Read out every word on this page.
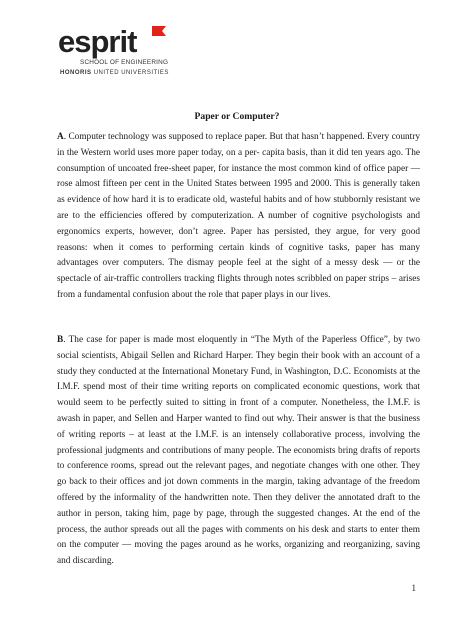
esprit
SCHOOL OF ENGINEERING
HONORIS UNITED UNIVERSITIES
Paper or Computer?
A. Computer technology was supposed to replace paper. But that hasn’t happened. Every country
in the Western world uses more paper today, on a per- capita basis, than it did ten years ago. The
consumption of uncoated free-sheet paper, for instance the most common kind of office paper —
rose almost fifteen per cent in the United States between 1995 and 2000. This is generally taken
as evidence of how hard it is to eradicate old, wasteful habits and of how stubbornly resistant we
are to the efficiencies offered by computerization. A number of cognitive psychologists and
ergonomics experts, however, don’t agree. Paper has persisted, they argue, for very good
reasons: when it comes to performing certain kinds of cognitive tasks, paper has many
advantages over computers. The dismay people feel at the sight of a messy desk — or the
spectacle of air-traffic controllers tracking flights through notes scribbled on paper strips – arises
from a fundamental confusion about the role that paper plays in our lives.
B. The case for paper is made most eloquently in “The Myth of the Paperless Office”, by two
social scientists, Abigail Sellen and Richard Harper. They begin their book with an account of a
study they conducted at the International Monetary Fund, in Washington, D.C. Economists at the
I.M.F. spend most of their time writing reports on complicated economic questions, work that
would seem to be perfectly suited to sitting in front of a computer. Nonetheless, the I.M.F. is
awash in paper, and Sellen and Harper wanted to find out why. Their answer is that the business
of writing reports – at least at the I.M.F. is an intensely collaborative process, involving the
professional judgments and contributions of many people. The economists bring drafts of reports
to conference rooms, spread out the relevant pages, and negotiate changes with one other. They
go back to their offices and jot down comments in the margin, taking advantage of the freedom
offered by the informality of the handwritten note. Then they deliver the annotated draft to the
author in person, taking him, page by page, through the suggested changes. At the end of the
process, the author spreads out all the pages with comments on his desk and starts to enter them
on the computer — moving the pages around as he works, organizing and reorganizing, saving
and discarding.
1
